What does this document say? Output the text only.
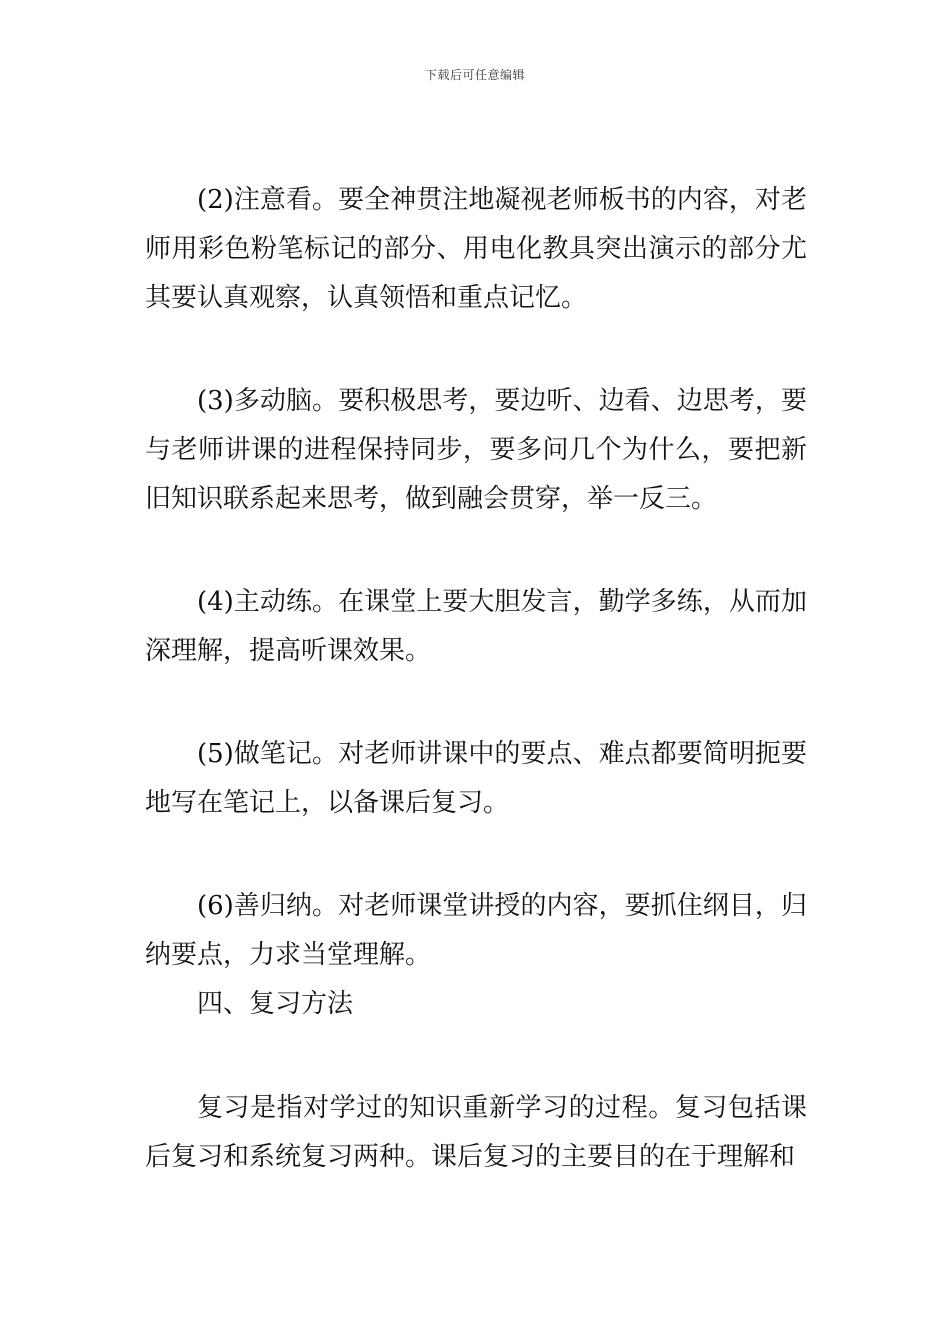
下载后可任意编辑

(2)注意看。要全神贯注地凝视老师板书的内容，对老师用彩色粉笔标记的部分、用电化教具突出演示的部分尤其要认真观察，认真领悟和重点记忆。

(3)多动脑。要积极思考，要边听、边看、边思考，要与老师讲课的进程保持同步，要多问几个为什么，要把新旧知识联系起来思考，做到融会贯穿，举一反三。

(4)主动练。在课堂上要大胆发言，勤学多练，从而加深理解，提高听课效果。

(5)做笔记。对老师讲课中的要点、难点都要简明扼要地写在笔记上，以备课后复习。

(6)善归纳。对老师课堂讲授的内容，要抓住纲目，归纳要点，力求当堂理解。

四、复习方法

复习是指对学过的知识重新学习的过程。复习包括课后复习和系统复习两种。课后复习的主要目的在于理解和
